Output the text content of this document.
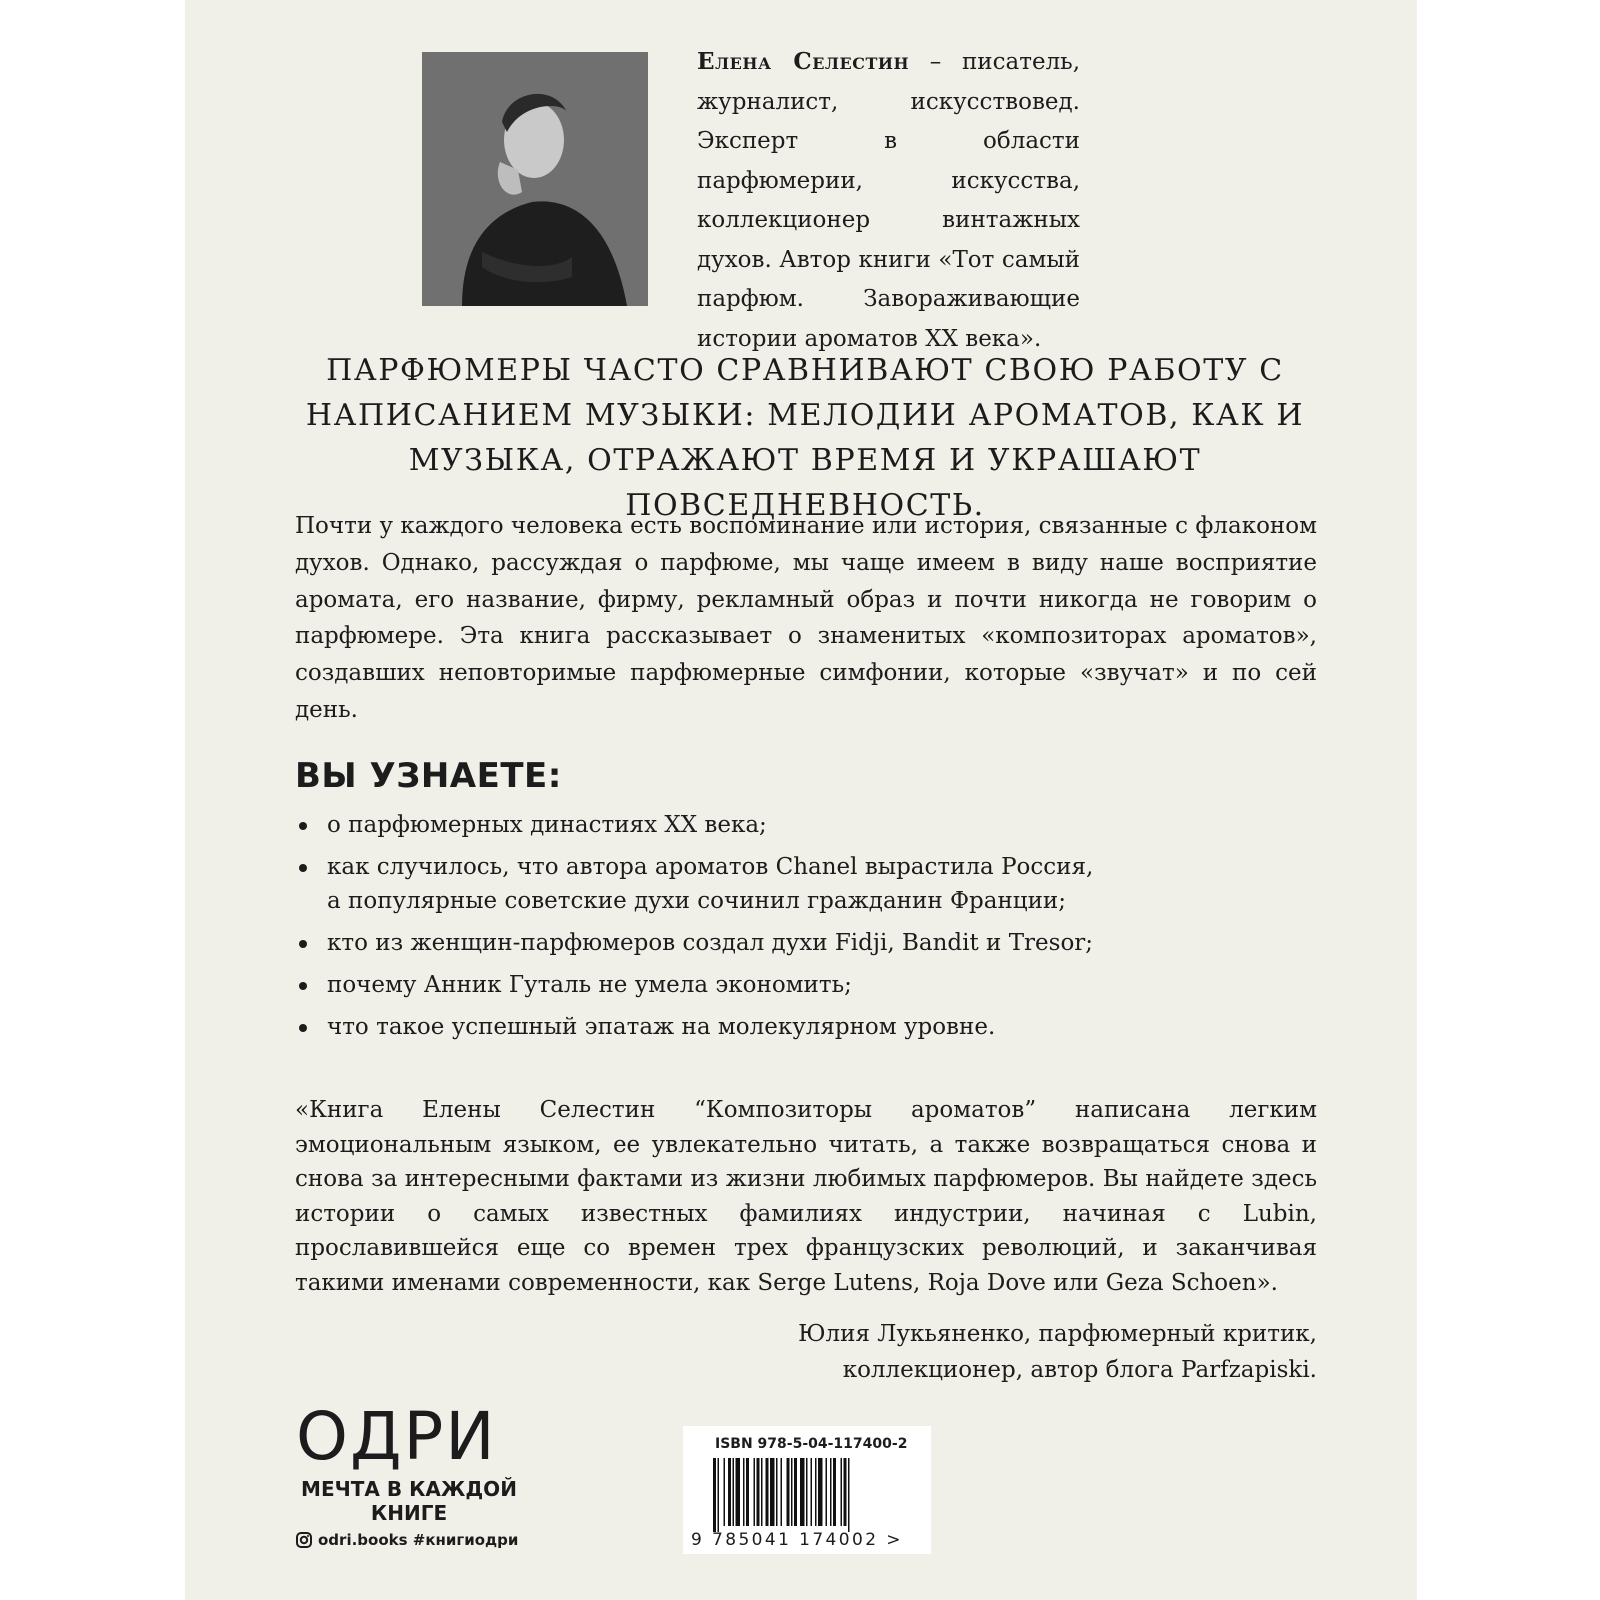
Елена Селестин – писатель, журналист, искусствовед. Эксперт в области парфюмерии, искусства, коллекционер винтажных духов. Автор книги «Тот самый парфюм. Завораживающие истории ароматов XX века».
ПАРФЮМЕРЫ ЧАСТО СРАВНИВАЮТ СВОЮ РАБОТУ С НАПИСАНИЕМ МУЗЫКИ: МЕЛОДИИ АРОМАТОВ, КАК И МУЗЫКА, ОТРАЖАЮТ ВРЕМЯ И УКРАШАЮТ ПОВСЕДНЕВНОСТЬ.
Почти у каждого человека есть воспоминание или история, связанные с флаконом духов. Однако, рассуждая о парфюме, мы чаще имеем в виду наше восприятие аромата, его название, фирму, рекламный образ и почти никогда не говорим о парфюмере. Эта книга рассказывает о знаменитых «композиторах ароматов», создавших неповторимые парфюмерные симфонии, которые «звучат» и по сей день.
ВЫ УЗНАЕТЕ:
о парфюмерных династиях XX века;
как случилось, что автора ароматов Chanel вырастила Россия,
а популярные советские духи сочинил гражданин Франции;
кто из женщин-парфюмеров создал духи Fidji, Bandit и Tresor;
почему Анник Гуталь не умела экономить;
что такое успешный эпатаж на молекулярном уровне.
«Книга Елены Селестин “Композиторы ароматов” написана легким эмоциональным языком, ее увлекательно читать, а также возвращаться снова и снова за интересными фактами из жизни любимых парфюмеров. Вы найдете здесь истории о самых известных фамилиях индустрии, начиная с Lubin, прославившейся еще со времен трех французских революций, и заканчивая такими именами современности, как Serge Lutens, Roja Dove или Geza Schoen».
Юлия Лукьяненко, парфюмерный критик,
коллекционер, автор блога Parfzapiski.
ОДРИ
МЕЧТА В КАЖДОЙ КНИГЕ
odri.books #книгиодри
ISBN 978-5-04-117400-2
9 785041 174002 >
